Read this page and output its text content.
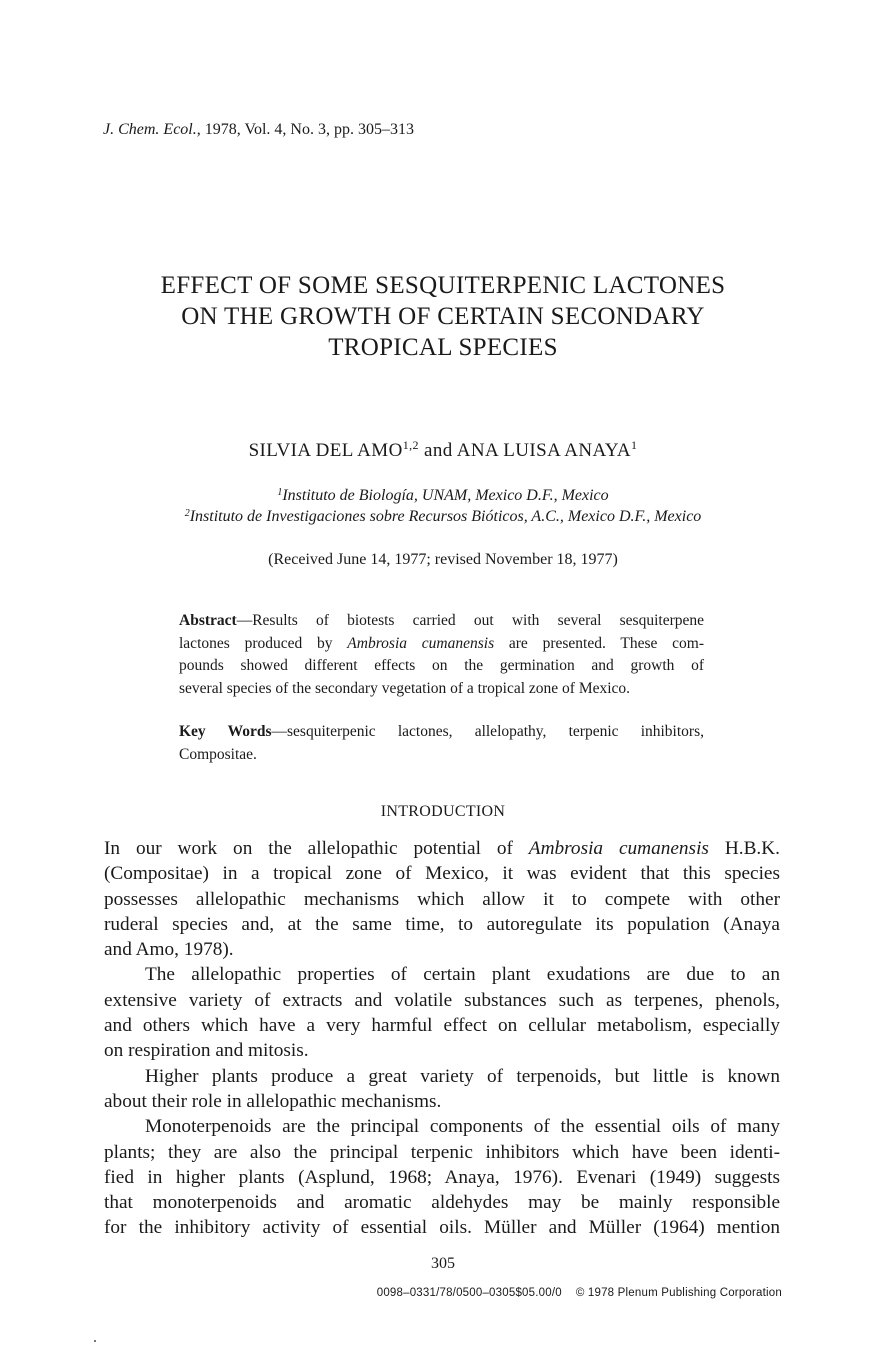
J. Chem. Ecol., 1978, Vol. 4, No. 3, pp. 305–313
EFFECT OF SOME SESQUITERPENIC LACTONES
ON THE GROWTH OF CERTAIN SECONDARY
TROPICAL SPECIES
SILVIA DEL AMO$^{1,2}$ and ANA LUISA ANAYA$^1$
$^1$Instituto de Biología, UNAM, Mexico D.F., Mexico
$^2$Instituto de Investigaciones sobre Recursos Bióticos, A.C., Mexico D.F., Mexico
(Received June 14, 1977; revised November 18, 1977)
Abstract—Results of biotests carried out with several sesquiterpene
lactones produced by Ambrosia cumanensis are presented. These com-
pounds showed different effects on the germination and growth of
several species of the secondary vegetation of a tropical zone of Mexico.
Key Words—sesquiterpenic lactones, allelopathy, terpenic inhibitors,
Compositae.
INTRODUCTION
In our work on the allelopathic potential of Ambrosia cumanensis H.B.K.
(Compositae) in a tropical zone of Mexico, it was evident that this species
possesses allelopathic mechanisms which allow it to compete with other
ruderal species and, at the same time, to autoregulate its population (Anaya
and Amo, 1978).
The allelopathic properties of certain plant exudations are due to an
extensive variety of extracts and volatile substances such as terpenes, phenols,
and others which have a very harmful effect on cellular metabolism, especially
on respiration and mitosis.
Higher plants produce a great variety of terpenoids, but little is known
about their role in allelopathic mechanisms.
Monoterpenoids are the principal components of the essential oils of many
plants; they are also the principal terpenic inhibitors which have been identi-
fied in higher plants (Asplund, 1968; Anaya, 1976). Evenari (1949) suggests
that monoterpenoids and aromatic aldehydes may be mainly responsible
for the inhibitory activity of essential oils. Müller and Müller (1964) mention
305
0098–0331/78/0500–0305$05.00/0 © 1978 Plenum Publishing Corporation
